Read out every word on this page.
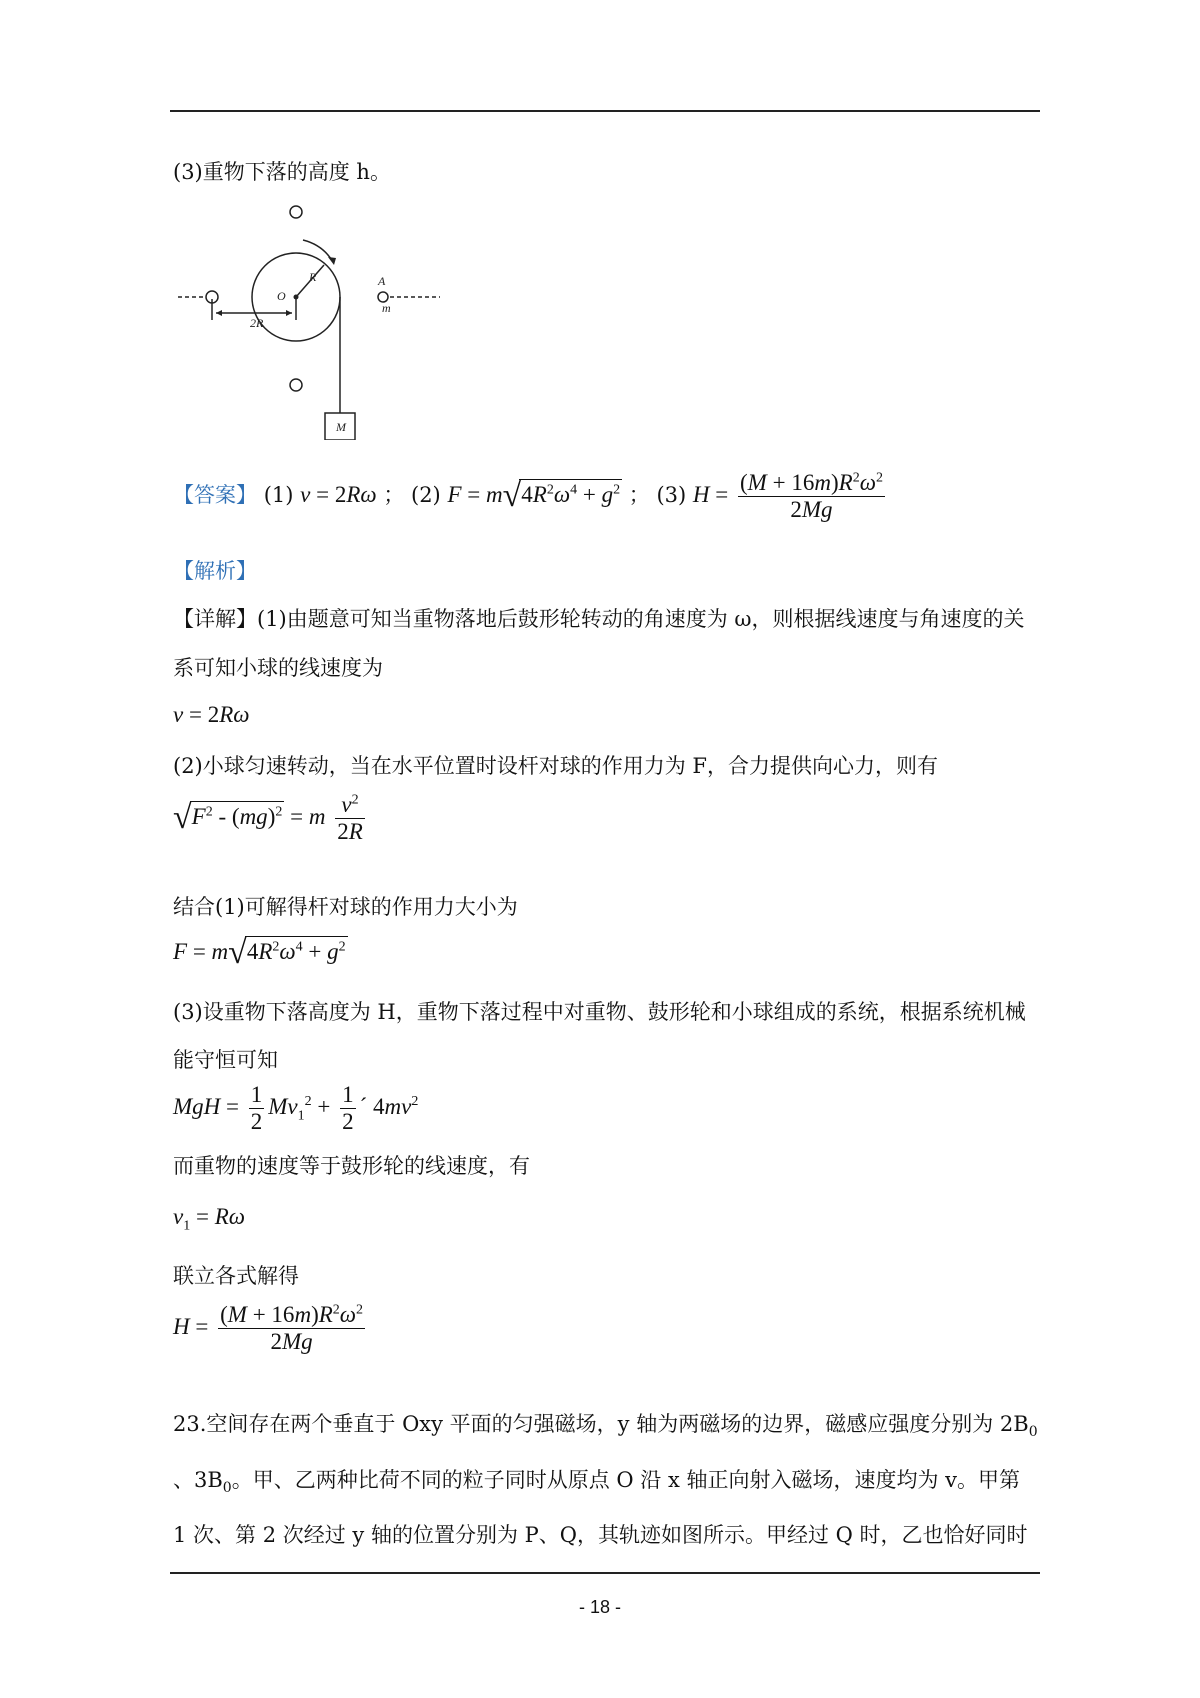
(3)重物下落的高度 h。
O
R	A
m
2R
M
【答案】 (1) v = 2Rω ； (2) $F = m√4R^2\omega^4 + g^2$ ； (3) $H = \frac{(M + 16m)R^2\omega^2}{2Mg}$
【解析】
【详解】(1)由题意可知当重物落地后鼓形轮转动的角速度为 ω，则根据线速度与角速度的关
系可知小球的线速度为
v = 2Rω
(2)小球匀速转动，当在水平位置时设杆对球的作用力为 F，合力提供向心力，则有
$√F^2 - (mg)^2 = m \frac{v^2}{2R}$
结合(1)可解得杆对球的作用力大小为
$F = m√4R^2\omega^4 + g^2$
(3)设重物下落高度为 H，重物下落过程中对重物、鼓形轮和小球组成的系统，根据系统机械
能守恒可知
MgH = $\frac{1}{2} Mv_1^2 + \frac{1}{2}$ ´ $4mv^2$
而重物的速度等于鼓形轮的线速度，有
$v_1 = R\omega$
联立各式解得
$H = \frac{(M + 16m)R^2\omega^2}{2Mg}$
23.空间存在两个垂直于 Oxy 平面的匀强磁场，y 轴为两磁场的边界，磁感应强度分别为 $2B_0$
、$3B_0$。甲、乙两种比荷不同的粒子同时从原点 O 沿 x 轴正向射入磁场，速度均为 v。甲第
1 次、第 2 次经过 y 轴的位置分别为 P、Q，其轨迹如图所示。甲经过 Q 时，乙也恰好同时
- 18 -
